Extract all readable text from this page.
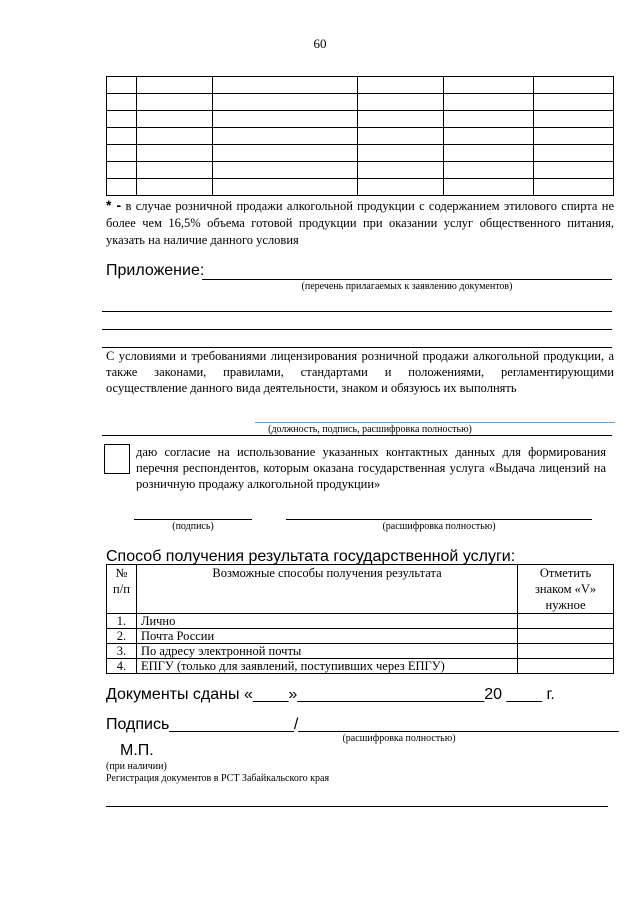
60

* - в случае розничной продажи алкогольной продукции с содержанием этилового спирта не более чем 16,5% объема готовой продукции при оказании услуг общественного питания, указать на наличие данного условия
Приложение:
(перечень прилагаемых к заявлению документов)
С условиями и требованиями лицензирования розничной продажи алкогольной продукции, а также законами, правилами, стандартами и положениями, регламентирующими осуществление данного вида деятельности, знаком и обязуюсь их выполнять
(должность, подпись, расшифровка полностью)
даю согласие на использование указанных контактных данных для формирования перечня респондентов, которым оказана государственная услуга «Выдача лицензий на розничную продажу алкогольной продукции»
(подпись)	(расшифровка полностью)
Способ получения результата государственной услуги:
№ п/п	Возможные способы получения результата	Отметить знаком «V» нужное
1.	Лично	
2.	Почта России	
3.	По адресу электронной почты	
4.	ЕПГУ (только для заявлений, поступивших через ЕПГУ)	
Документы сданы «____»_____________________20 ____ г.
Подпись______________/____________________________________
(расшифровка полностью)
М.П.
(при наличии)
Регистрация документов в РСТ Забайкальского края
